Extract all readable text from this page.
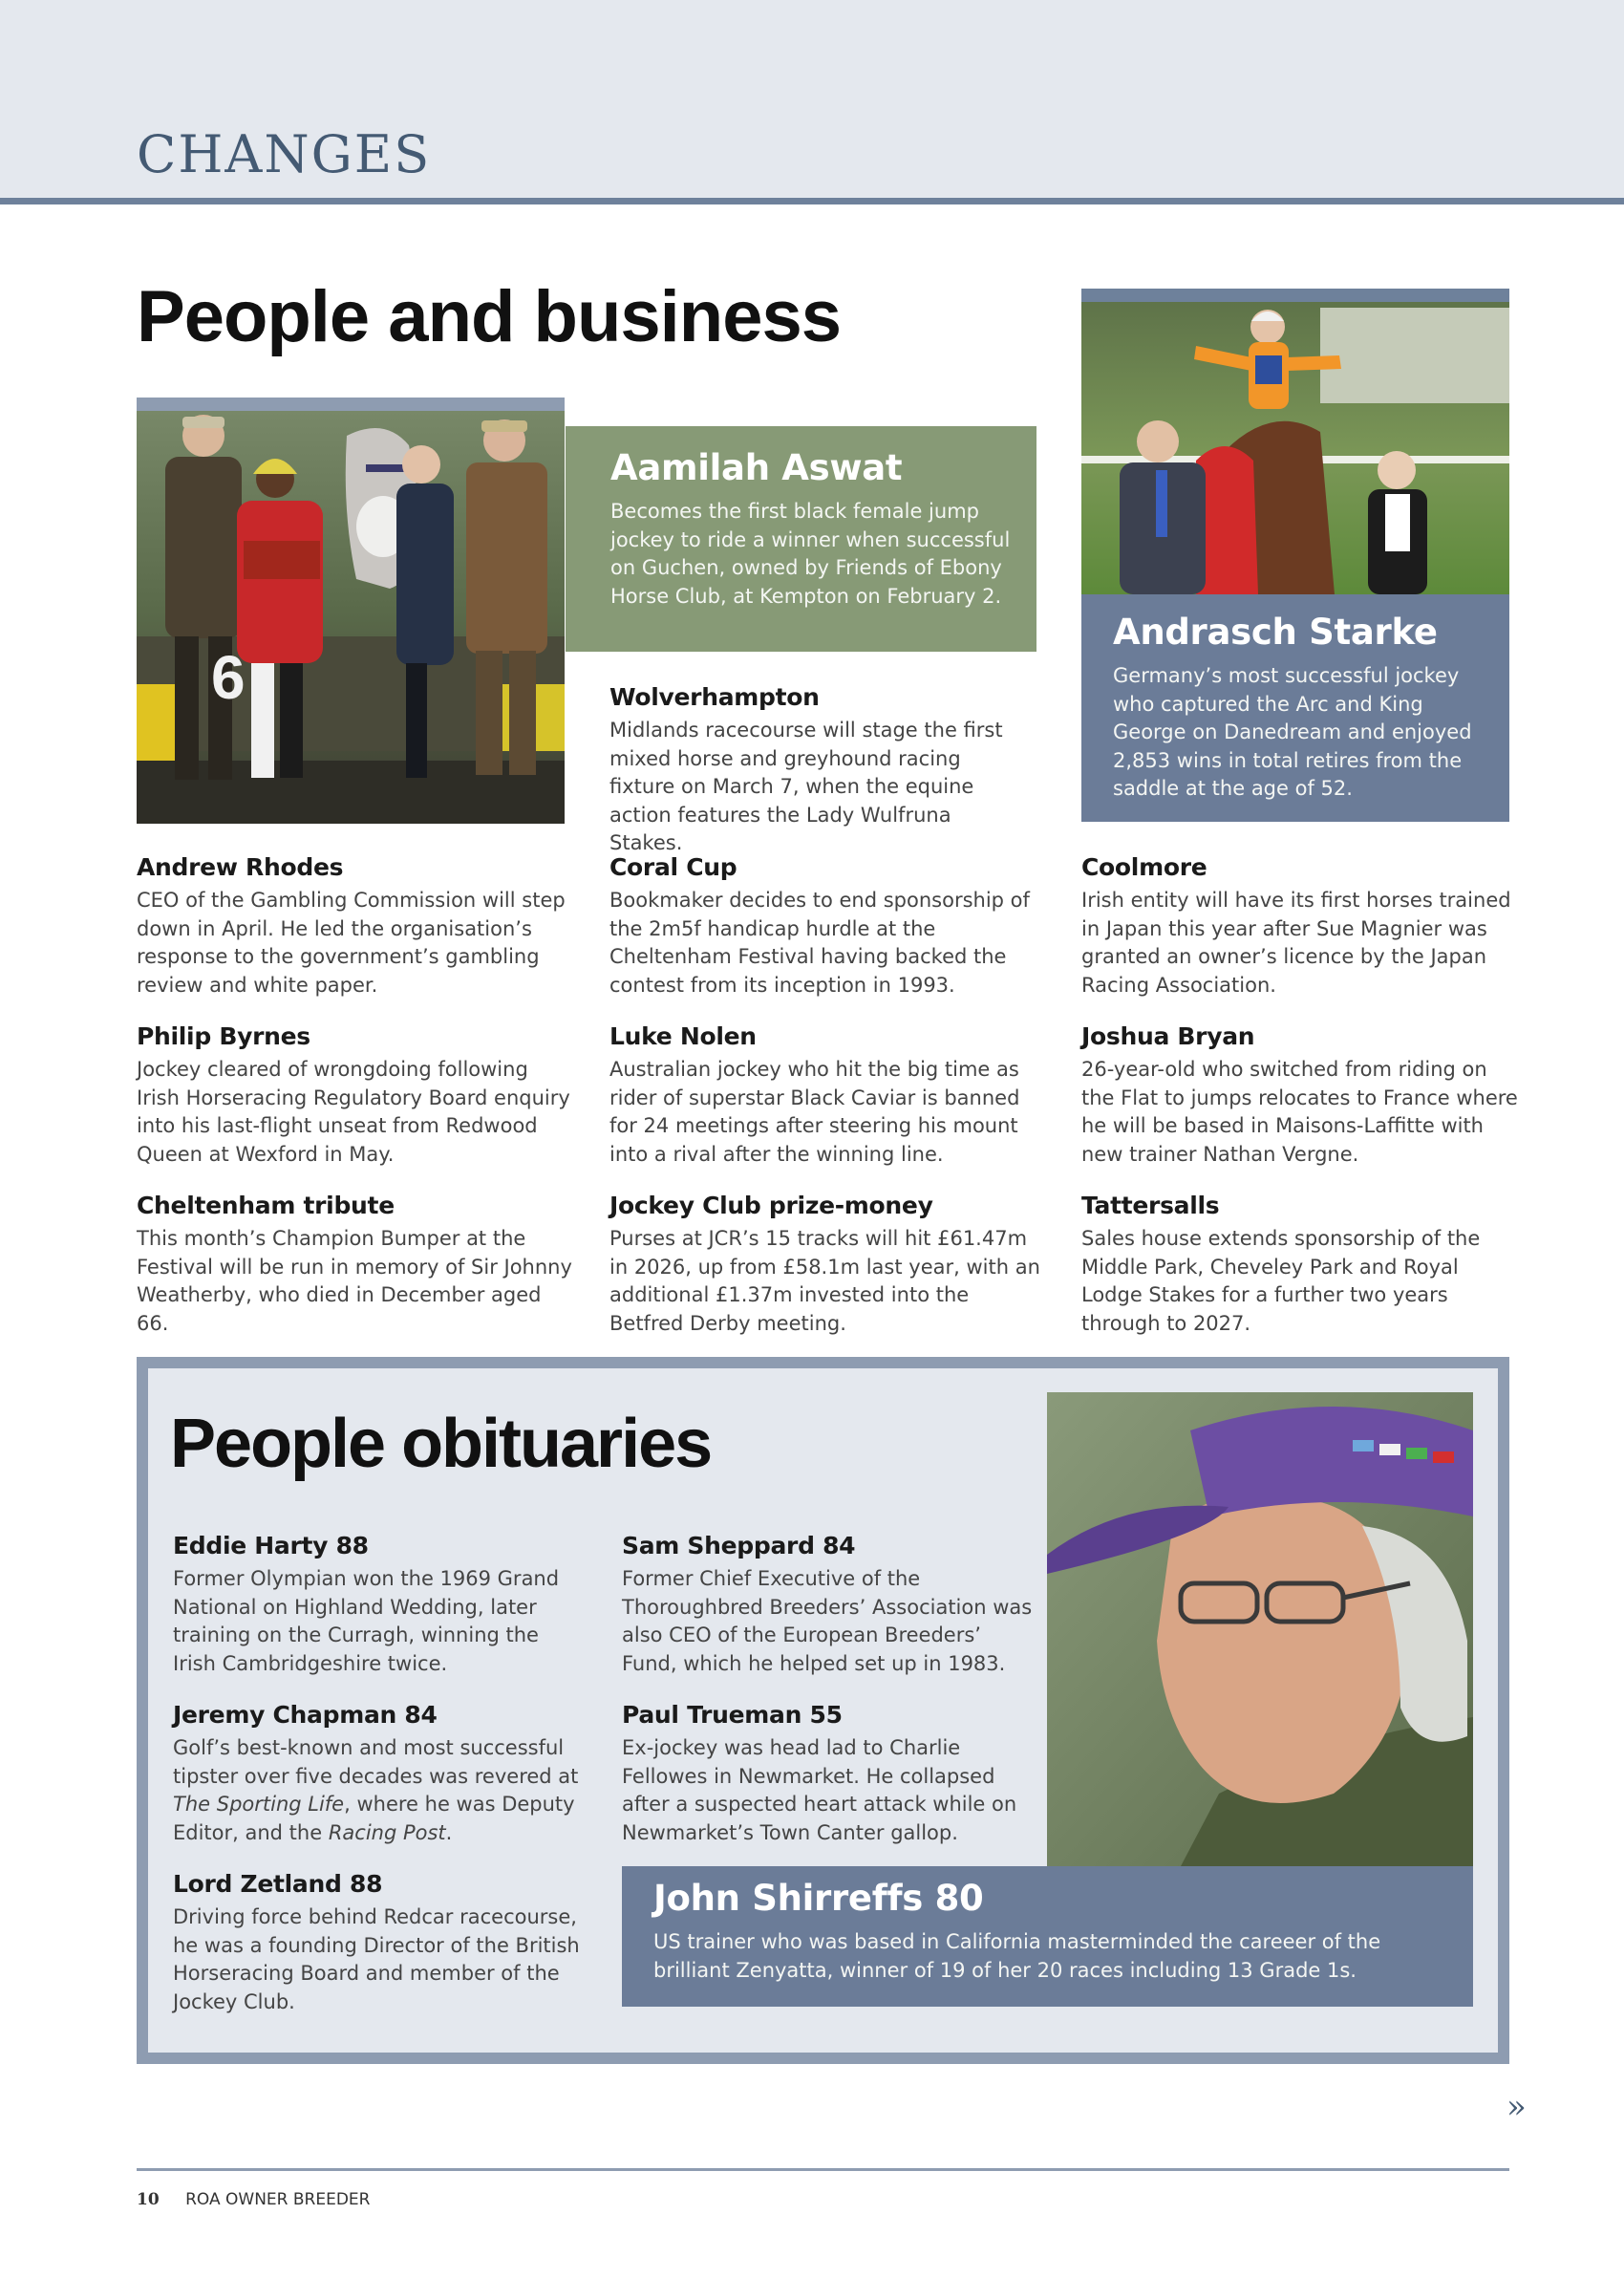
CHANGES
People and business
6
Aamilah Aswat

Becomes the first black female jump jockey to ride a winner when successful on Guchen, owned by Friends of Ebony Horse Club, at Kempton on February 2.

Wolverhampton

Midlands racecourse will stage the first mixed horse and greyhound racing fixture on March 7, when the equine action features the Lady Wulfruna Stakes.

Andrasch Starke

Germany’s most successful jockey who captured the Arc and King George on Danedream and enjoyed 2,853 wins in total retires from the saddle at the age of 52.

Andrew Rhodes

CEO of the Gambling Commission will step down in April. He led the organisation’s response to the government’s gambling review and white paper.

Coral Cup

Bookmaker decides to end sponsorship of the 2m5f handicap hurdle at the Cheltenham Festival having backed the contest from its inception in 1993.

Coolmore

Irish entity will have its first horses trained in Japan this year after Sue Magnier was granted an owner’s licence by the Japan Racing Association.

Philip Byrnes

Jockey cleared of wrongdoing following Irish Horseracing Regulatory Board enquiry into his last-flight unseat from Redwood Queen at Wexford in May.

Luke Nolen

Australian jockey who hit the big time as rider of superstar Black Caviar is banned for 24 meetings after steering his mount into a rival after the winning line.

Joshua Bryan

26-year-old who switched from riding on the Flat to jumps relocates to France where he will be based in Maisons-Laffitte with new trainer Nathan Vergne.

Cheltenham tribute

This month’s Champion Bumper at the Festival will be run in memory of Sir Johnny Weatherby, who died in December aged 66.

Jockey Club prize-money

Purses at JCR’s 15 tracks will hit £61.47m in 2026, up from £58.1m last year, with an additional £1.37m invested into the Betfred Derby meeting.

Tattersalls

Sales house extends sponsorship of the Middle Park, Cheveley Park and Royal Lodge Stakes for a further two years through to 2027.

People obituaries
Eddie Harty 88

Former Olympian won the 1969 Grand National on Highland Wedding, later training on the Curragh, winning the Irish Cambridgeshire twice.

Sam Sheppard 84

Former Chief Executive of the Thoroughbred Breeders’ Association was also CEO of the European Breeders’ Fund, which he helped set up in 1983.

Jeremy Chapman 84

Golf’s best-known and most successful tipster over five decades was revered at The Sporting Life, where he was Deputy Editor, and the Racing Post.

Paul Trueman 55

Ex-jockey was head lad to Charlie Fellowes in Newmarket. He collapsed after a suspected heart attack while on Newmarket’s Town Canter gallop.

Lord Zetland 88

Driving force behind Redcar racecourse, he was a founding Director of the British Horseracing Board and member of the Jockey Club.

John Shirreffs 80

US trainer who was based in California masterminded the careeer of the brilliant Zenyatta, winner of 19 of her 20 races including 13 Grade 1s.

»
10 ROA OWNER BREEDER
